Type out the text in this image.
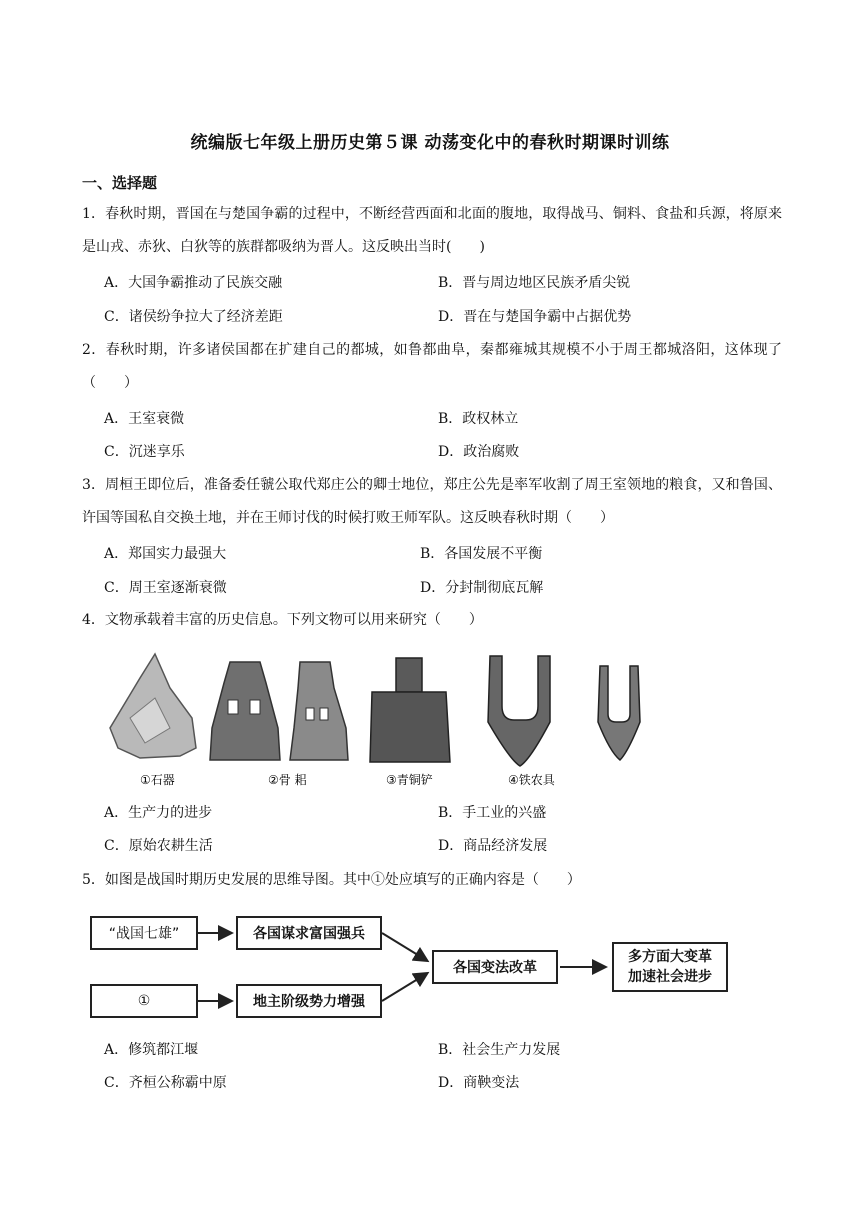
统编版七年级上册历史第５课 动荡变化中的春秋时期课时训练
一、选择题
1．春秋时期，晋国在与楚国争霸的过程中，不断经营西面和北面的腹地，取得战马、铜料、食盐和兵源，将原来是山戎、赤狄、白狄等的族群都吸纳为晋人。这反映出当时(　　)
A．大国争霸推动了民族交融	B．晋与周边地区民族矛盾尖锐
C．诸侯纷争拉大了经济差距	D．晋在与楚国争霸中占据优势
2．春秋时期，许多诸侯国都在扩建自己的都城，如鲁都曲阜，秦都雍城其规模不小于周王都城洛阳，这体现了（　　）
A．王室衰微	B．政权林立
C．沉迷享乐	D．政治腐败
3．周桓王即位后，准备委任虢公取代郑庄公的卿士地位，郑庄公先是率军收割了周王室领地的粮食，又和鲁国、许国等国私自交换土地，并在王师讨伐的时候打败王师军队。这反映春秋时期（　　）
A．郑国实力最强大	B．各国发展不平衡
C．周王室逐渐衰微	D．分封制彻底瓦解
4．文物承载着丰富的历史信息。下列文物可以用来研究（　　）
①石器	②骨 耜	③青铜铲	④铁农具
A．生产力的进步	B．手工业的兴盛
C．原始农耕生活	D．商品经济发展
5．如图是战国时期历史发展的思维导图。其中①处应填写的正确内容是（　　）
“战国七雄”	各国谋求富国强兵
①	地主阶级势力增强
各国变法改革
多方面大变革
加速社会进步
A．修筑都江堰	B．社会生产力发展
C．齐桓公称霸中原	D．商鞅变法
